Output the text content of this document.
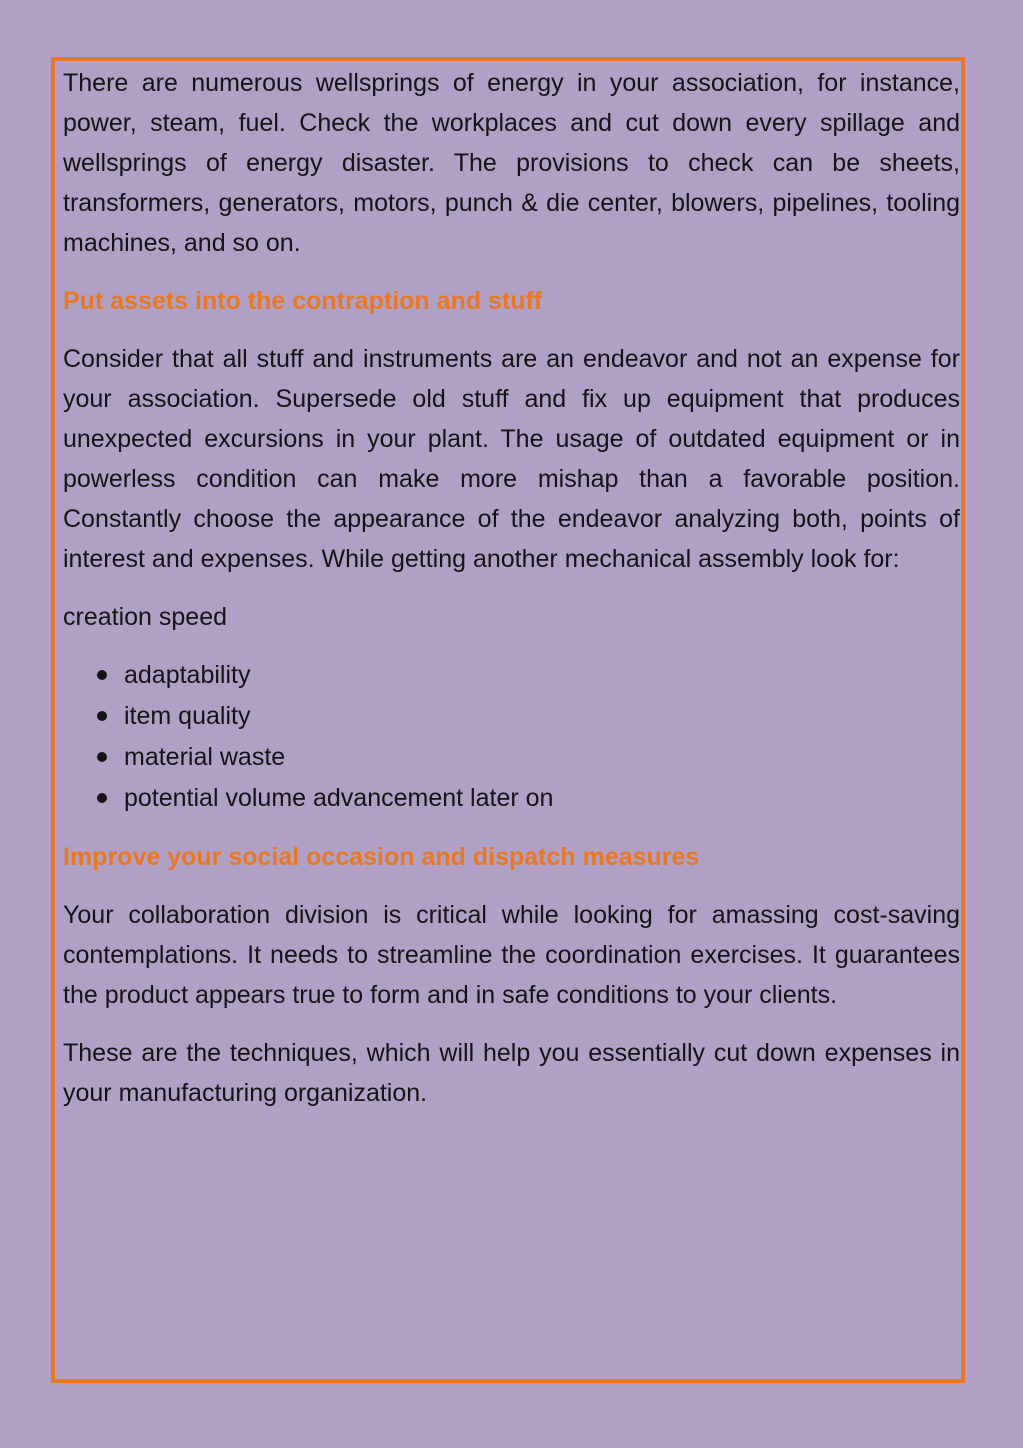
There are numerous wellsprings of energy in your association, for instance, power, steam, fuel. Check the workplaces and cut down every spillage and wellsprings of energy disaster. The provisions to check can be sheets, transformers, generators, motors, punch & die center, blowers, pipelines, tooling machines, and so on.

Put assets into the contraption and stuff

Consider that all stuff and instruments are an endeavor and not an expense for your association. Supersede old stuff and fix up equipment that produces unexpected excursions in your plant. The usage of outdated equipment or in powerless condition can make more mishap than a favorable position. Constantly choose the appearance of the endeavor analyzing both, points of interest and expenses. While getting another mechanical assembly look for:

creation speed

adaptability
item quality
material waste
potential volume advancement later on
Improve your social occasion and dispatch measures

Your collaboration division is critical while looking for amassing cost-saving contemplations. It needs to streamline the coordination exercises. It guarantees the product appears true to form and in safe conditions to your clients.

These are the techniques, which will help you essentially cut down expenses in your manufacturing organization.
